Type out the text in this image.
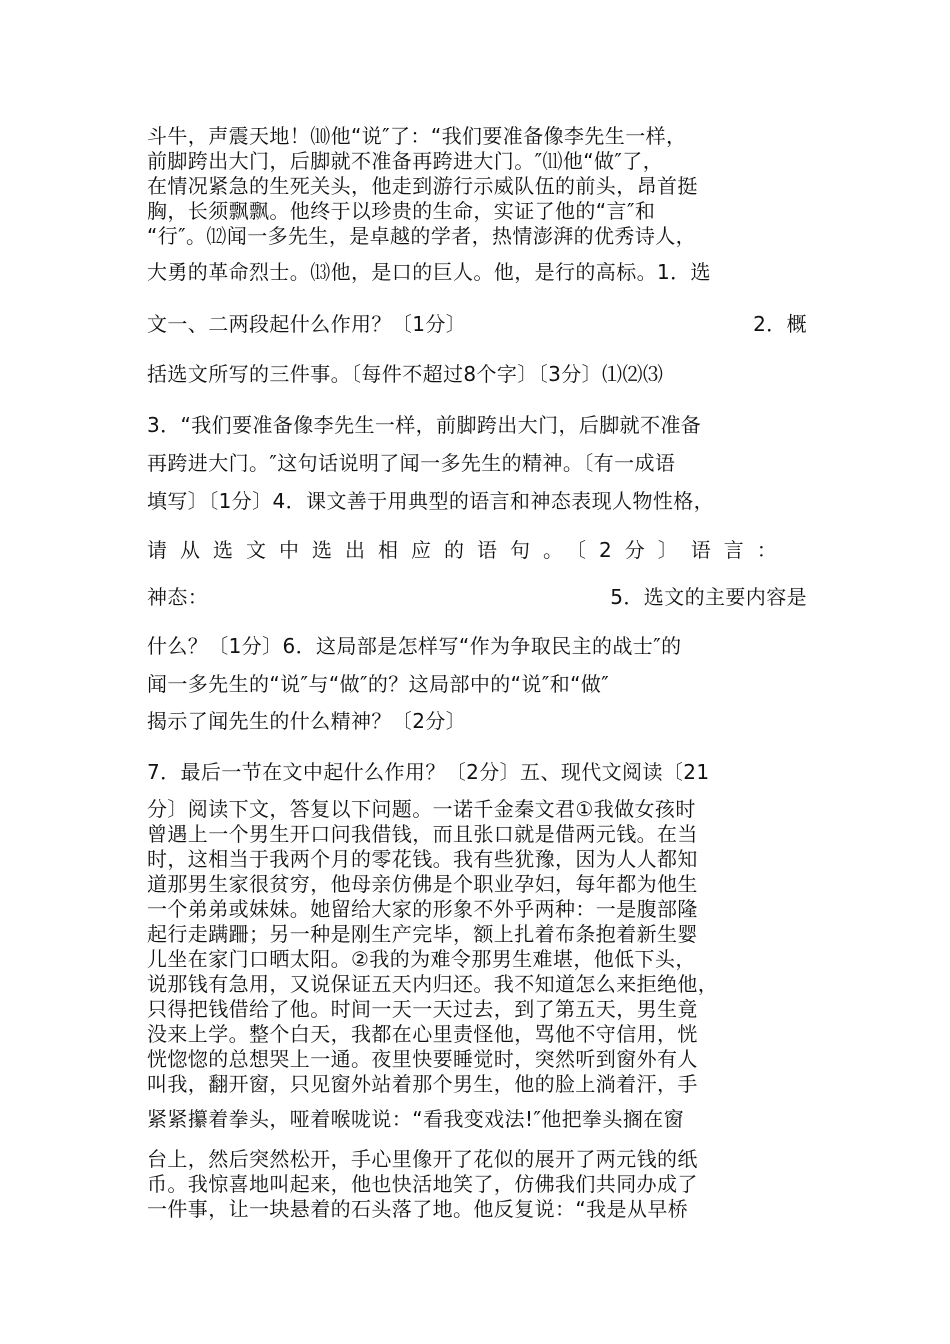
斗牛，声震天地！⑽他“说″了：“我们要准备像李先生一样，

前脚跨出大门，后脚就不准备再跨进大门。″⑾他“做″了，

在情况紧急的生死关头，他走到游行示威队伍的前头，昂首挺

胸，长须飘飘。他终于以珍贵的生命，实证了他的“言″和

“行″。⑿闻一多先生，是卓越的学者，热情澎湃的优秀诗人，

大勇的革命烈士。⒀他，是口的巨人。他，是行的高标。1．选

文一、二两段起什么作用？〔1分〕	2．概

括选文所写的三件事。〔每件不超过8个字〕〔3分〕⑴⑵⑶

3．“我们要准备像李先生一样，前脚跨出大门，后脚就不准备

再跨进大门。″这句话说明了闻一多先生的精神。〔有一成语

填写〕〔1分〕4．课文善于用典型的语言和神态表现人物性格，

请从选文中选出相应的语句。〔2分〕语言：
神态：	5．选文的主要内容是

什么？〔1分〕6．这局部是怎样写“作为争取民主的战士″的

闻一多先生的“说″与“做″的？这局部中的“说″和“做″

揭示了闻先生的什么精神？〔2分〕

7．最后一节在文中起什么作用？〔2分〕五、现代文阅读〔21

分〕阅读下文，答复以下问题。一诺千金秦文君①我做女孩时

曾遇上一个男生开口问我借钱，而且张口就是借两元钱。在当

时，这相当于我两个月的零花钱。我有些犹豫，因为人人都知

道那男生家很贫穷，他母亲仿佛是个职业孕妇，每年都为他生

一个弟弟或妹妹。她留给大家的形象不外乎两种：一是腹部隆

起行走蹒跚；另一种是刚生产完毕，额上扎着布条抱着新生婴

儿坐在家门口晒太阳。②我的为难令那男生难堪，他低下头，

说那钱有急用，又说保证五天内归还。我不知道怎么来拒绝他，

只得把钱借给了他。时间一天一天过去，到了第五天，男生竟

没来上学。整个白天，我都在心里责怪他，骂他不守信用，恍

恍惚惚的总想哭上一通。夜里快要睡觉时，突然听到窗外有人

叫我，翻开窗，只见窗外站着那个男生，他的脸上淌着汗，手

紧紧攥着拳头，哑着喉咙说：“看我变戏法!″他把拳头搁在窗

台上，然后突然松开，手心里像开了花似的展开了两元钱的纸

币。我惊喜地叫起来，他也快活地笑了，仿佛我们共同办成了

一件事，让一块悬着的石头落了地。他反复说：“我是从早桥
